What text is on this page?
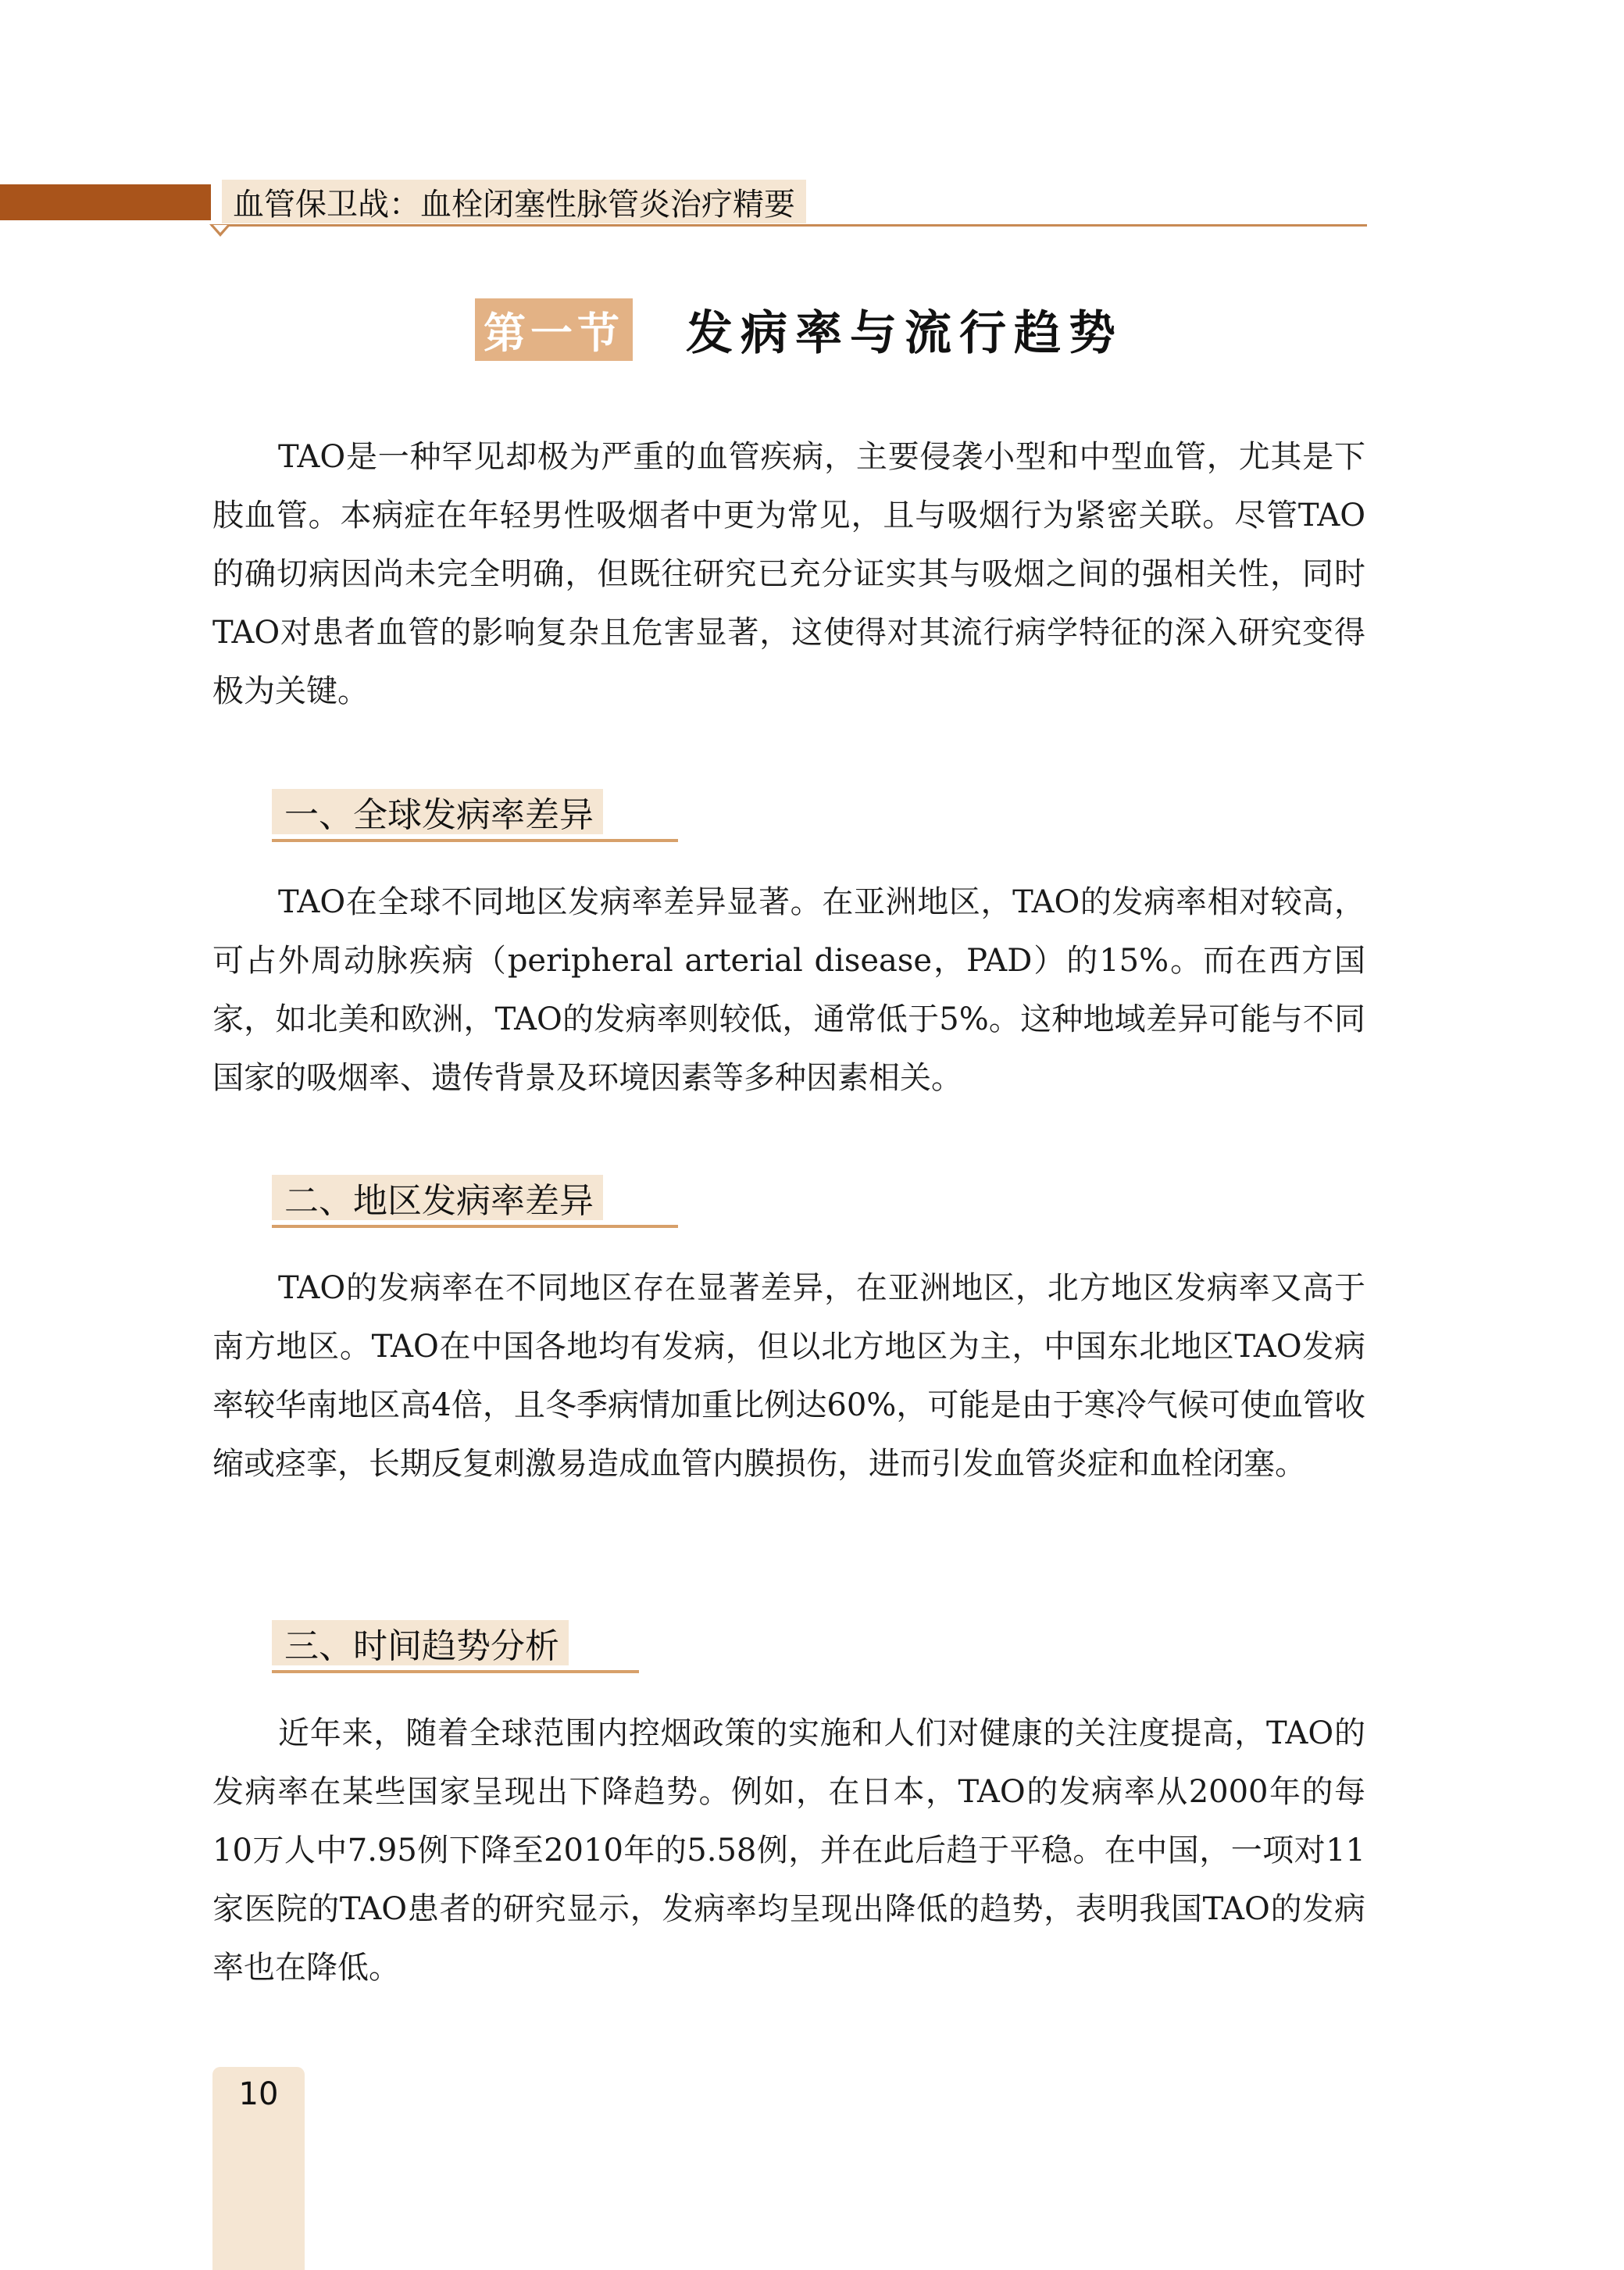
血管保卫战：血栓闭塞性脉管炎治疗精要
第一节 发病率与流行趋势

TAO是一种罕见却极为严重的血管疾病，主要侵袭小型和中型血管，尤其是下肢血管。本病症在年轻男性吸烟者中更为常见，且与吸烟行为紧密关联。尽管TAO的确切病因尚未完全明确，但既往研究已充分证实其与吸烟之间的强相关性，同时TAO对患者血管的影响复杂且危害显著，这使得对其流行病学特征的深入研究变得极为关键。

一、全球发病率差异

TAO在全球不同地区发病率差异显著。在亚洲地区，TAO的发病率相对较高，可占外周动脉疾病（peripheral arterial disease，PAD）的15%。而在西方国家，如北美和欧洲，TAO的发病率则较低，通常低于5%。这种地域差异可能与不同国家的吸烟率、遗传背景及环境因素等多种因素相关。

二、地区发病率差异

TAO的发病率在不同地区存在显著差异，在亚洲地区，北方地区发病率又高于南方地区。TAO在中国各地均有发病，但以北方地区为主，中国东北地区TAO发病率较华南地区高4倍，且冬季病情加重比例达60%，可能是由于寒冷气候可使血管收缩或痉挛，长期反复刺激易造成血管内膜损伤，进而引发血管炎症和血栓闭塞。

三、时间趋势分析

近年来，随着全球范围内控烟政策的实施和人们对健康的关注度提高，TAO的发病率在某些国家呈现出下降趋势。例如，在日本，TAO的发病率从2000年的每10万人中7.95例下降至2010年的5.58例，并在此后趋于平稳。在中国，一项对11家医院的TAO患者的研究显示，发病率均呈现出降低的趋势，表明我国TAO的发病率也在降低。

10
